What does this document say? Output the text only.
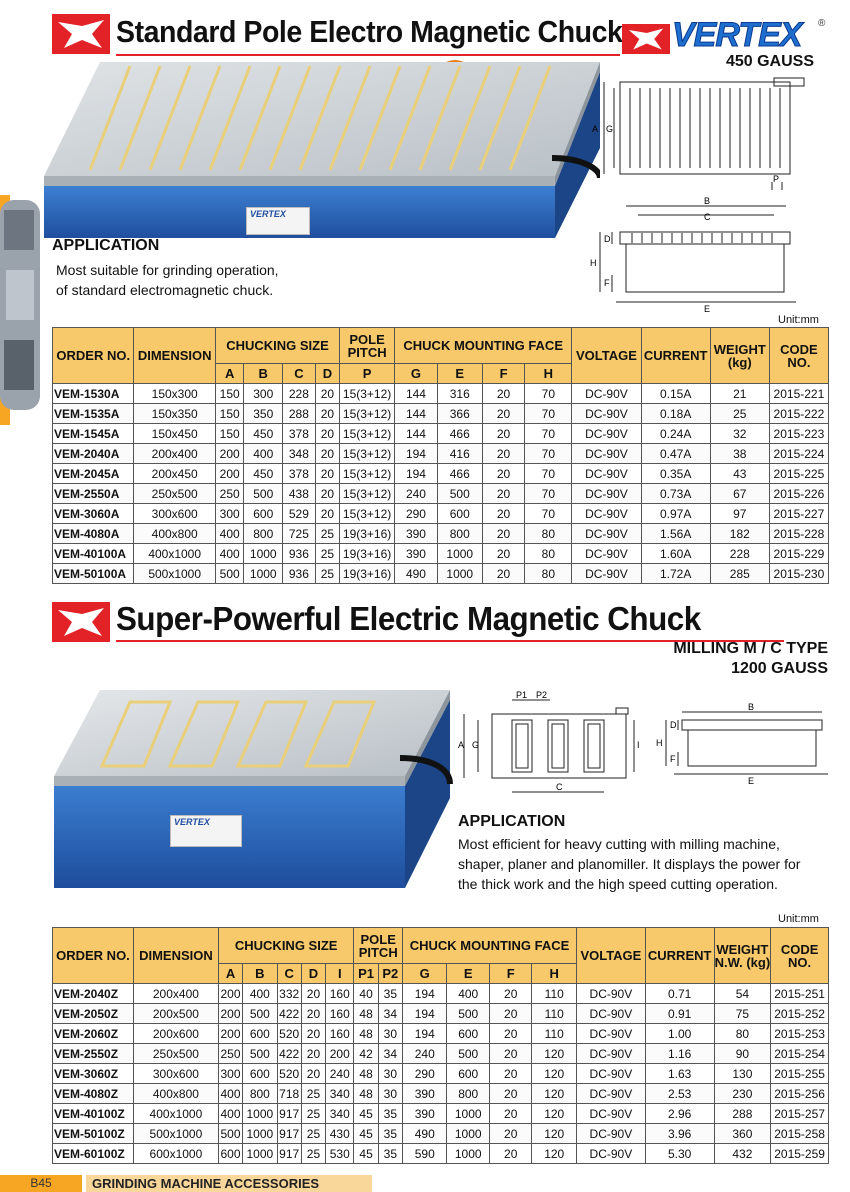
Standard Pole Electro Magnetic Chuck VERTEX ®
450 GAUSS
VERTEX
APPLICATION
Most suitable for grinding operation,
of standard electromagnetic chuck.
A G
P
B
C
D
H
F
E
Unit:mm
ORDER NO.	DIMENSION	CHUCKING SIZE				POLE PITCH	CHUCK MOUNTING FACE				VOLTAGE	CURRENT	WEIGHT (kg)	CODE NO.
		A	B	C	D	P	G	E	F	H				
VEM-1530A	150x300	150	300	228	20	15(3+12)	144	316	20	70	DC-90V	0.15A	21	2015-221
VEM-1535A	150x350	150	350	288	20	15(3+12)	144	366	20	70	DC-90V	0.18A	25	2015-222
VEM-1545A	150x450	150	450	378	20	15(3+12)	144	466	20	70	DC-90V	0.24A	32	2015-223
VEM-2040A	200x400	200	400	348	20	15(3+12)	194	416	20	70	DC-90V	0.47A	38	2015-224
VEM-2045A	200x450	200	450	378	20	15(3+12)	194	466	20	70	DC-90V	0.35A	43	2015-225
VEM-2550A	250x500	250	500	438	20	15(3+12)	240	500	20	70	DC-90V	0.73A	67	2015-226
VEM-3060A	300x600	300	600	529	20	15(3+12)	290	600	20	70	DC-90V	0.97A	97	2015-227
VEM-4080A	400x800	400	800	725	25	19(3+16)	390	800	20	80	DC-90V	1.56A	182	2015-228
VEM-40100A	400x1000	400	1000	936	25	19(3+16)	390	1000	20	80	DC-90V	1.60A	228	2015-229
VEM-50100A	500x1000	500	1000	936	25	19(3+16)	490	1000	20	80	DC-90V	1.72A	285	2015-230
Super-Powerful Electric Magnetic Chuck
MILLING M / C TYPE
1200 GAUSS
VERTEX
P1 P2
A G	I
C
B
H
D
F
E
APPLICATION
Most efficient for heavy cutting with milling machine,
shaper, planer and planomiller. It displays the power for
the thick work and the high speed cutting operation.
Unit:mm
ORDER NO.	DIMENSION	CHUCKING SIZE					POLE PITCH		CHUCK MOUNTING FACE				VOLTAGE	CURRENT	WEIGHT N.W. (kg)	CODE NO.
		A	B	C	D	I	P1	P2	G	E	F	H				
VEM-2040Z	200x400	200	400	332	20	160	40	35	194	400	20	110	DC-90V	0.71	54	2015-251
VEM-2050Z	200x500	200	500	422	20	160	48	34	194	500	20	110	DC-90V	0.91	75	2015-252
VEM-2060Z	200x600	200	600	520	20	160	48	30	194	600	20	110	DC-90V	1.00	80	2015-253
VEM-2550Z	250x500	250	500	422	20	200	42	34	240	500	20	120	DC-90V	1.16	90	2015-254
VEM-3060Z	300x600	300	600	520	20	240	48	30	290	600	20	120	DC-90V	1.63	130	2015-255
VEM-4080Z	400x800	400	800	718	25	340	48	30	390	800	20	120	DC-90V	2.53	230	2015-256
VEM-40100Z	400x1000	400	1000	917	25	340	45	35	390	1000	20	120	DC-90V	2.96	288	2015-257
VEM-50100Z	500x1000	500	1000	917	25	430	45	35	490	1000	20	120	DC-90V	3.96	360	2015-258
VEM-60100Z	600x1000	600	1000	917	25	530	45	35	590	1000	20	120	DC-90V	5.30	432	2015-259
B45	GRINDING MACHINE ACCESSORIES
